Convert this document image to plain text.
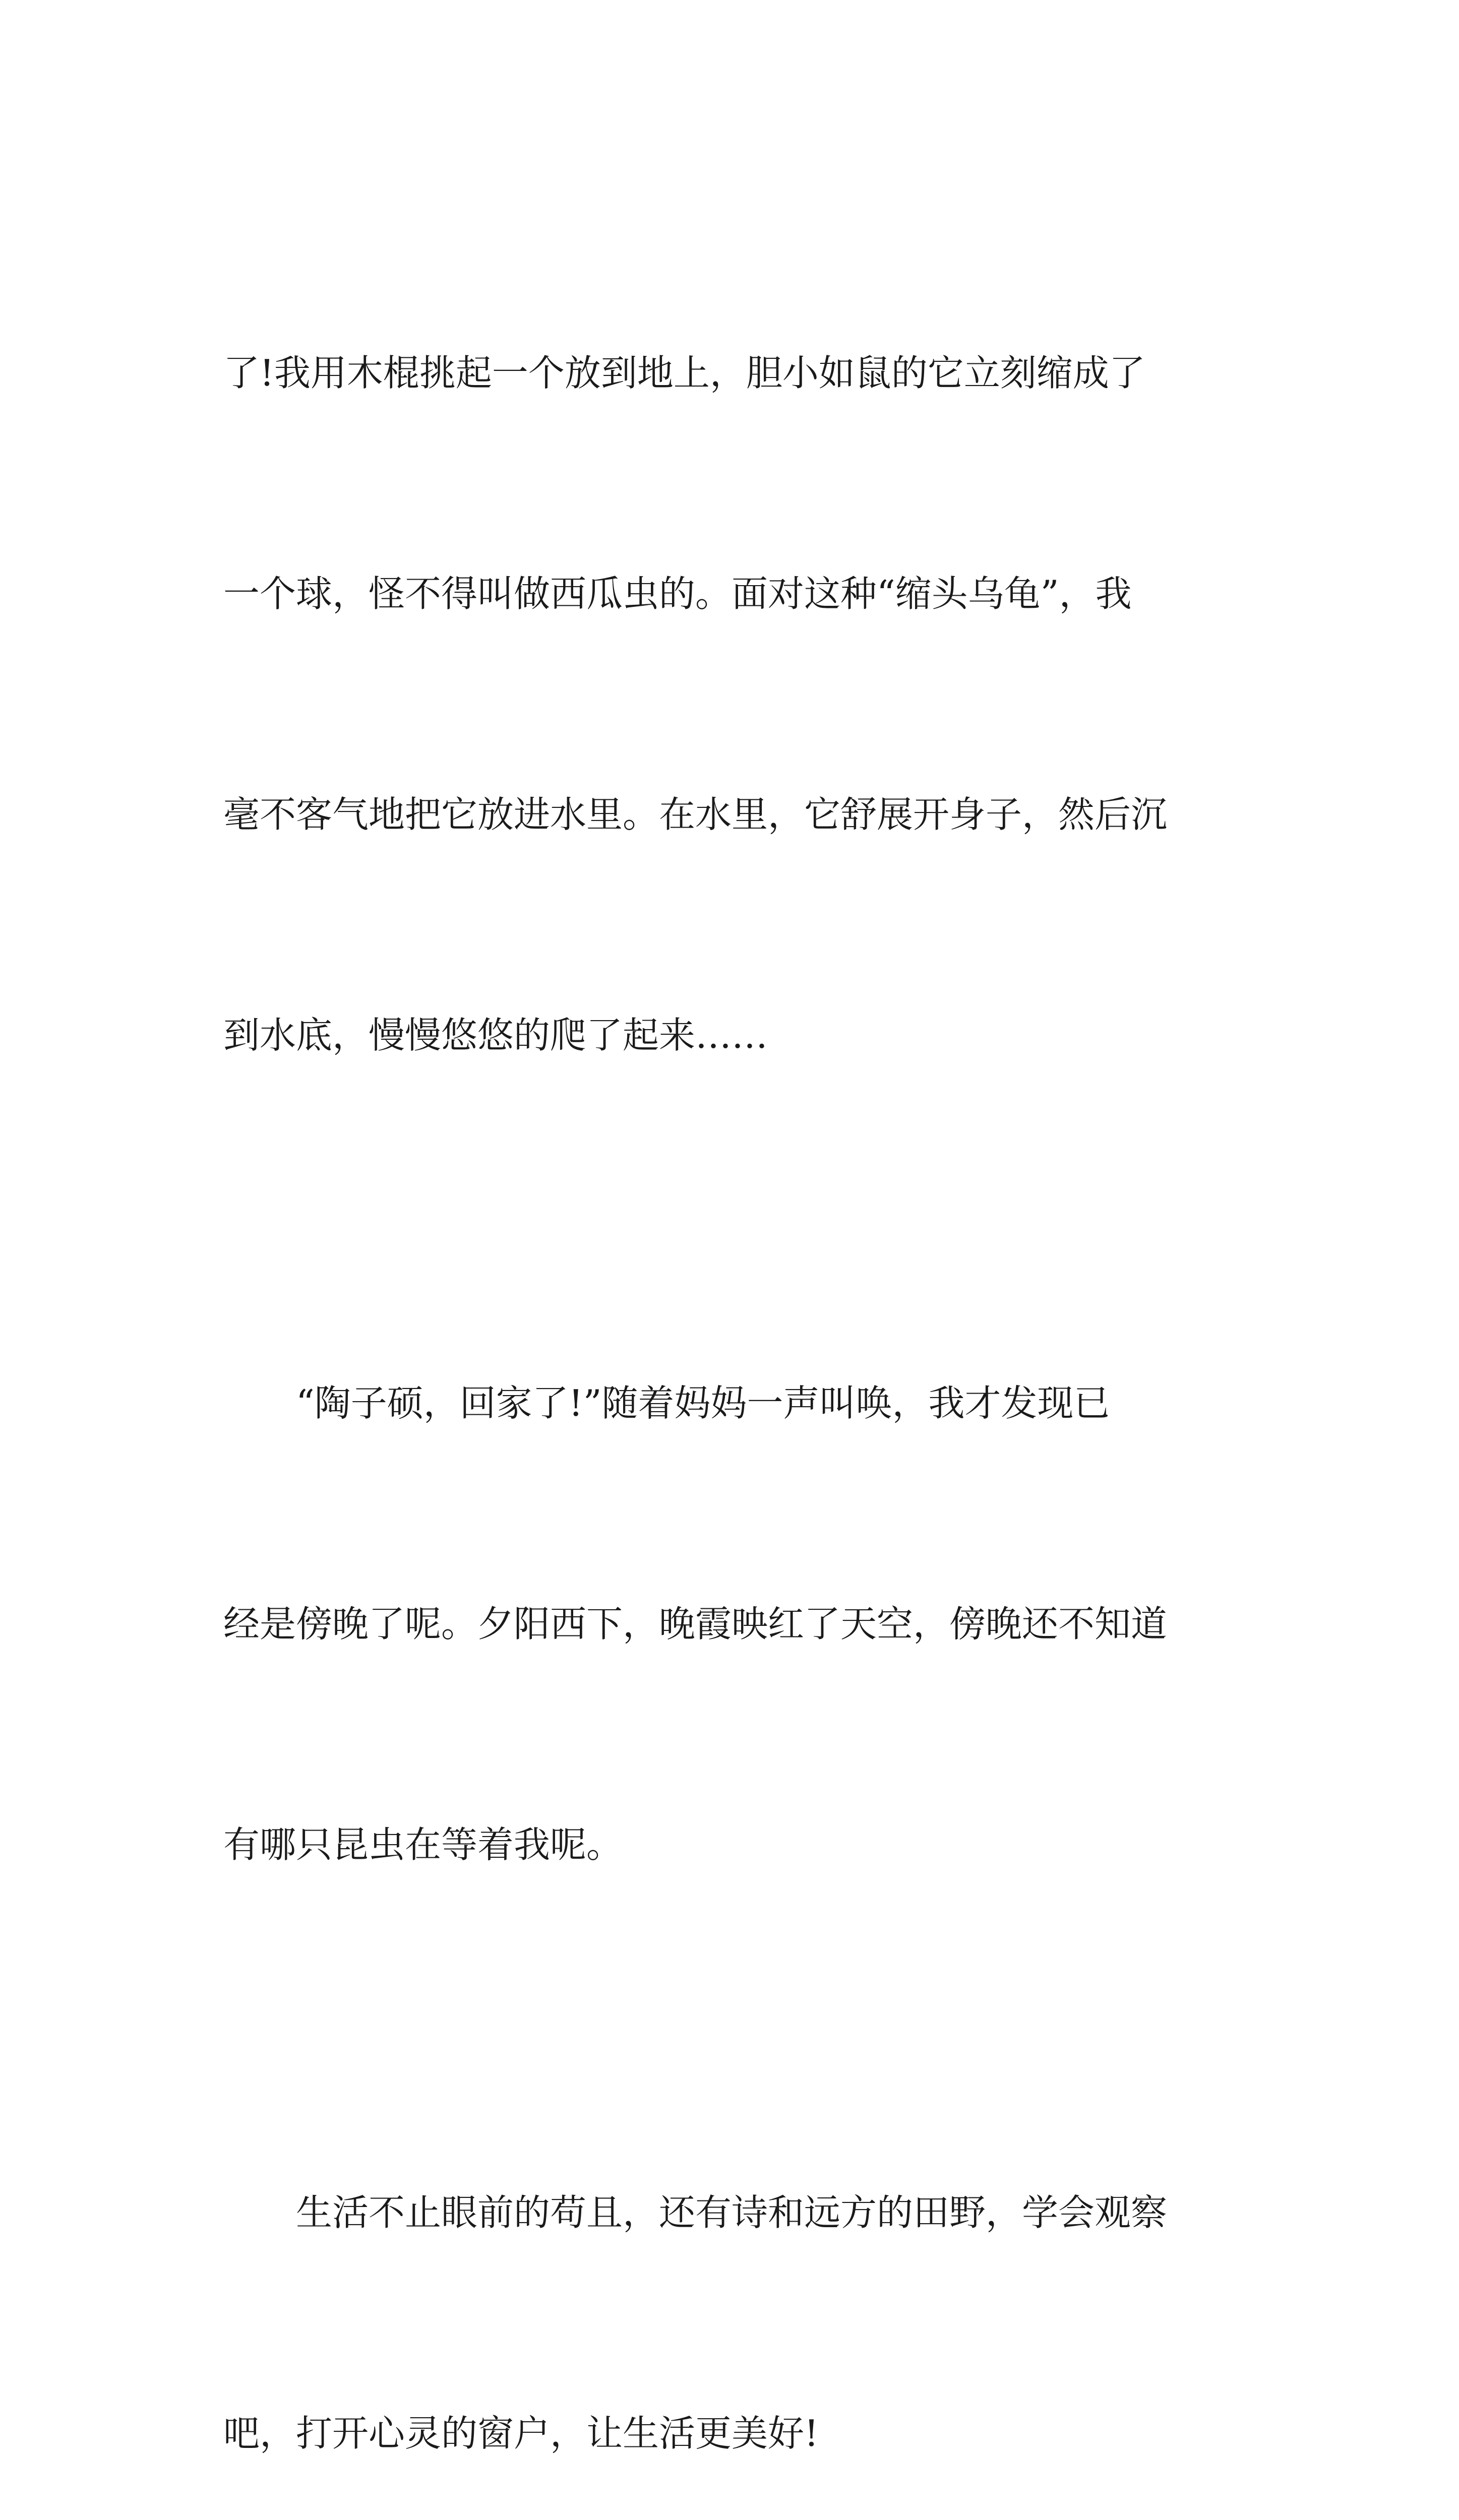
了!我用木棍挑起一个放到地上，胆小如鼠的它立刻缩成了

一个球，怪不得叫做西瓜虫的。面对这种“缩头乌龟”，我

毫不客气地把它放进水里。在水里，它舒展开身子，然后沉

到水底，慢慢悠悠的爬了起来……

　　“陶子硕，回家了!”随着妈妈一声叫唤，我才发现已

经是傍晚了呢。夕阳西下，晚霞映红了天空，傍晚还不知道

有哪只昆虫在等着我呢。

　　生活不止眼前的苟且，还有诗和远方的田野，学会观察

吧，打开心灵的窗户，让生活更美好!
